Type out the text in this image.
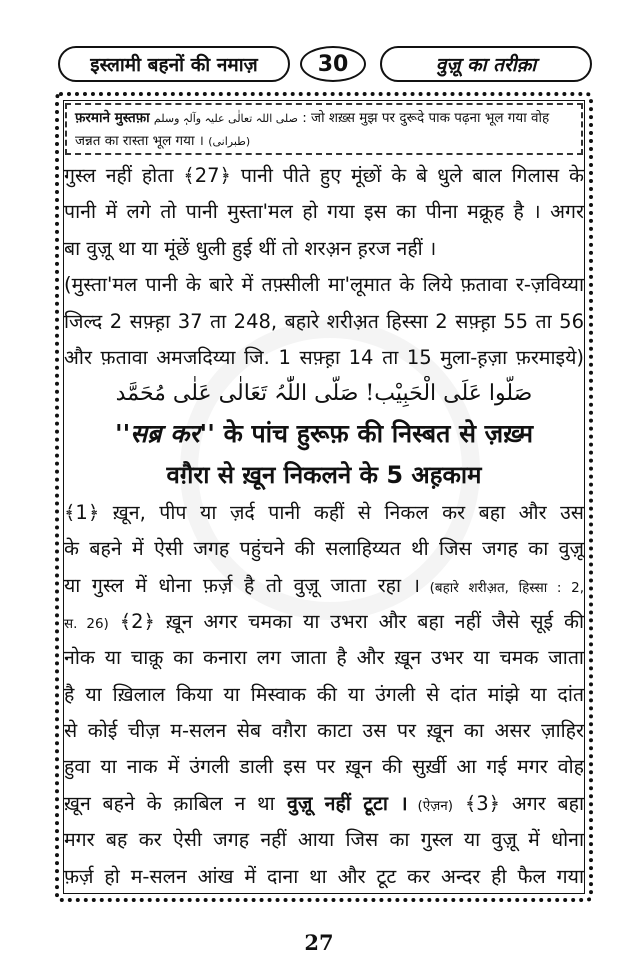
इस्लामी बहनों की नमाज़	30	वुज़ू का तरीक़ा
फ़रमाने मुस्तफ़ा صلی اللہ تعالٰی علیہ وآلہٖ وسلم : जो शख़्स मुझ पर दुरूदे पाक पढ़ना भूल गया वोह
जन्नत का रास्ता भूल गया । (طبرانی)
गुस्ल नहीं होता ﴾27﴿ पानी पीते हुए मूंछों के बे धुले बाल गिलास के
पानी में लगे तो पानी मुस्ता'मल हो गया इस का पीना मक्रूह है । अगर
बा वुज़ू था या मूंछें धुली हुई थीं तो शरअ़न ह़रज नहीं ।
(मुस्ता'मल पानी के बारे में तफ़्सीली मा'लूमात के लिये फ़तावा र-ज़विय्या
जिल्द 2 सफ़्ह़ा 37 ता 248, बहारे शरीअ़त हिस्सा 2 सफ़्ह़ा 55 ता 56
और फ़तावा अमजदिय्या जि. 1 सफ़्ह़ा 14 ता 15 मुला-ह़ज़ा फ़रमाइये)
صَلُّوا عَلَی الْحَبِیْب! صَلَّی اللّٰہُ تَعَالٰی عَلٰی مُحَمَّد
''सब्र कर'' के पांच हुरूफ़ की निस्बत से ज़ख़्म
वग़ैरा से ख़ून निकलने के 5 अह़काम
﴾1﴿ ख़ून, पीप या ज़र्द पानी कहीं से निकल कर बहा और उस
के बहने में ऐसी जगह पहुंचने की सलाहिय्यत थी जिस जगह का वुज़ू
या गुस्ल में धोना फ़र्ज़ है तो वुज़ू जाता रहा । (बहारे शरीअ़त, हिस्सा : 2,
स. 26) ﴾2﴿ ख़ून अगर चमका या उभरा और बहा नहीं जैसे सूई की
नोक या चाक़ू का कनारा लग जाता है और ख़ून उभर या चमक जाता
है या ख़िलाल किया या मिस्वाक की या उंगली से दांत मांझे या दांत
से कोई चीज़ म-सलन सेब वग़ैरा काटा उस पर ख़ून का असर ज़ाहिर
हुवा या नाक में उंगली डाली इस पर ख़ून की सुर्ख़ी आ गई मगर वोह
ख़ून बहने के क़ाबिल न था वुज़ू नहीं टूटा । (ऐज़न) ﴾3﴿ अगर बहा
मगर बह कर ऐसी जगह नहीं आया जिस का गुस्ल या वुज़ू में धोना
फ़र्ज़ हो म-सलन आंख में दाना था और टूट कर अन्दर ही फैल गया
27
